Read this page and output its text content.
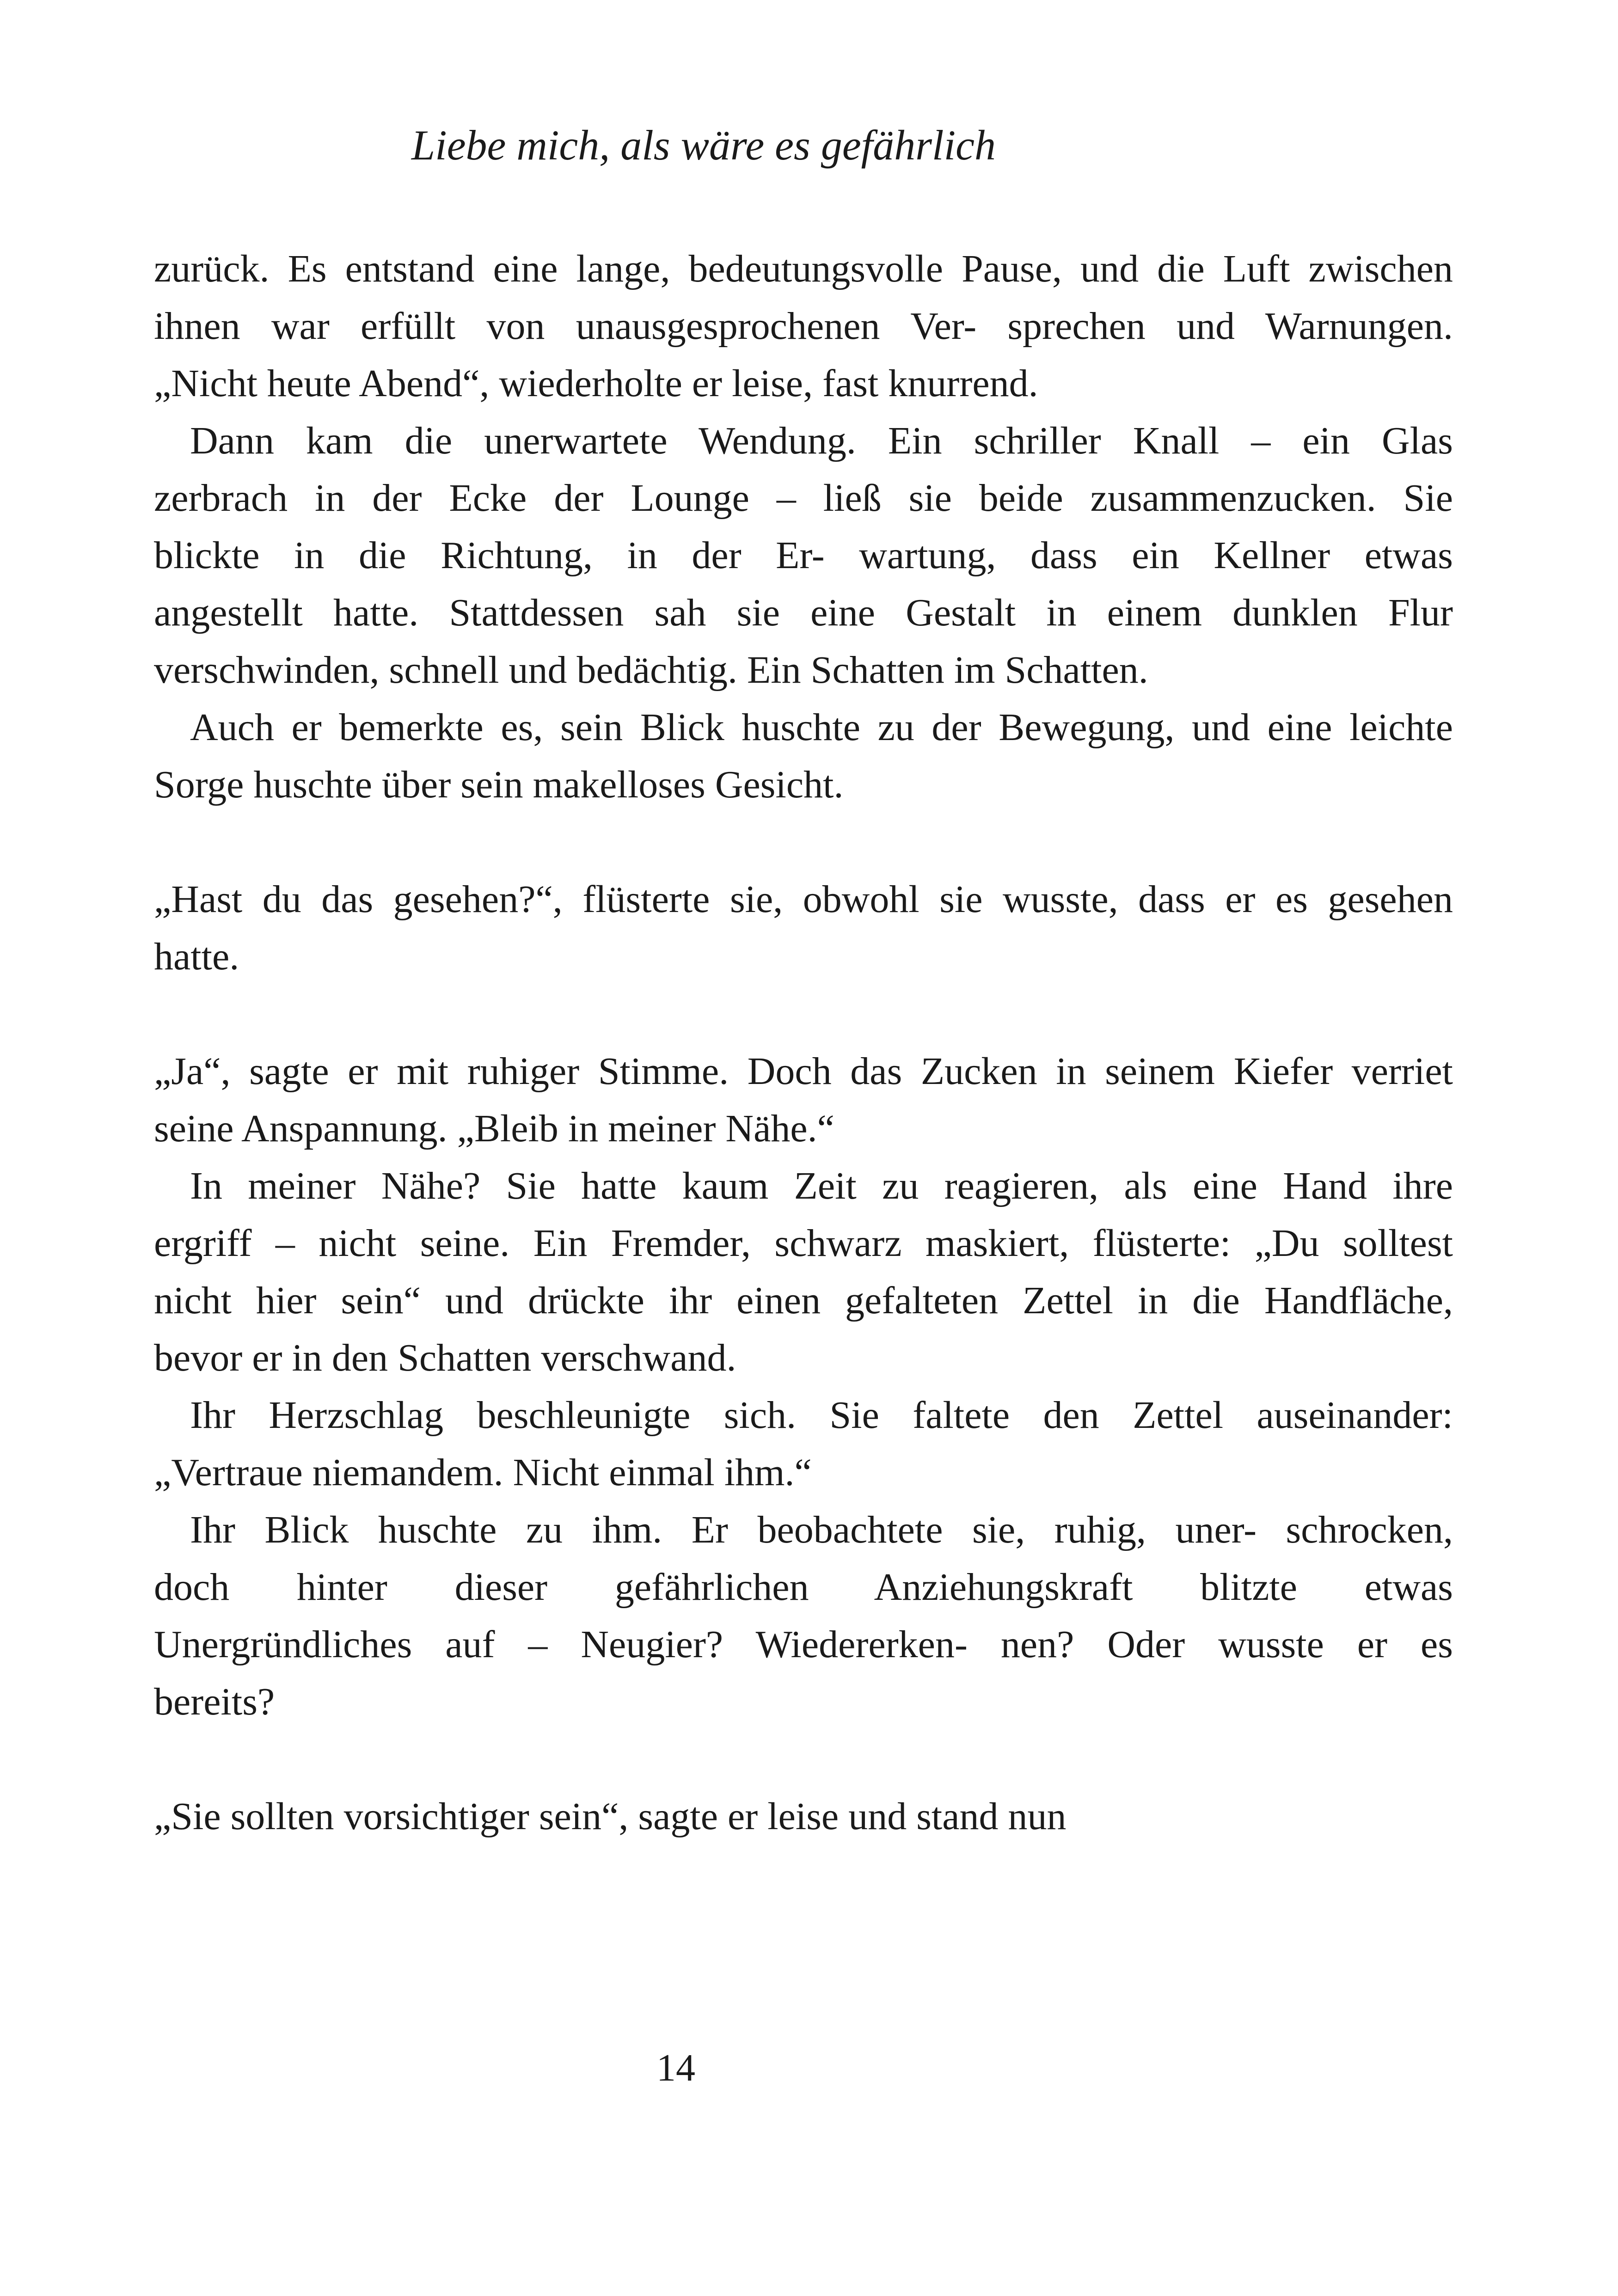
Liebe mich, als wäre es gefährlich
zurück. Es entstand eine lange, bedeutungsvolle Pause, und die Luft zwischen
ihnen war erfüllt von unausgesprochenen Ver- sprechen und Warnungen.
„Nicht heute Abend“, wiederholte er leise, fast knurrend.
Dann kam die unerwartete Wendung. Ein schriller Knall – ein Glas
zerbrach in der Ecke der Lounge – ließ sie beide zusammenzucken. Sie
blickte in die Richtung, in der Er- wartung, dass ein Kellner etwas
angestellt hatte. Stattdessen sah sie eine Gestalt in einem dunklen Flur
verschwinden, schnell und bedächtig. Ein Schatten im Schatten.
Auch er bemerkte es, sein Blick huschte zu der Bewegung, und eine leichte
Sorge huschte über sein makelloses Gesicht.
„Hast du das gesehen?“, flüsterte sie, obwohl sie wusste, dass er es gesehen
hatte.
„Ja“, sagte er mit ruhiger Stimme. Doch das Zucken in seinem Kiefer verriet
seine Anspannung. „Bleib in meiner Nähe.“
In meiner Nähe? Sie hatte kaum Zeit zu reagieren, als eine Hand ihre
ergriff – nicht seine. Ein Fremder, schwarz maskiert, flüsterte: „Du solltest
nicht hier sein“ und drückte ihr einen gefalteten Zettel in die Handfläche,
bevor er in den Schatten verschwand.
Ihr Herzschlag beschleunigte sich. Sie faltete den Zettel auseinander:
„Vertraue niemandem. Nicht einmal ihm.“
Ihr Blick huschte zu ihm. Er beobachtete sie, ruhig, uner- schrocken,
doch hinter dieser gefährlichen Anziehungskraft blitzte etwas
Unergründliches auf – Neugier? Wiedererken- nen? Oder wusste er es
bereits?
„Sie sollten vorsichtiger sein“, sagte er leise und stand nun
14
